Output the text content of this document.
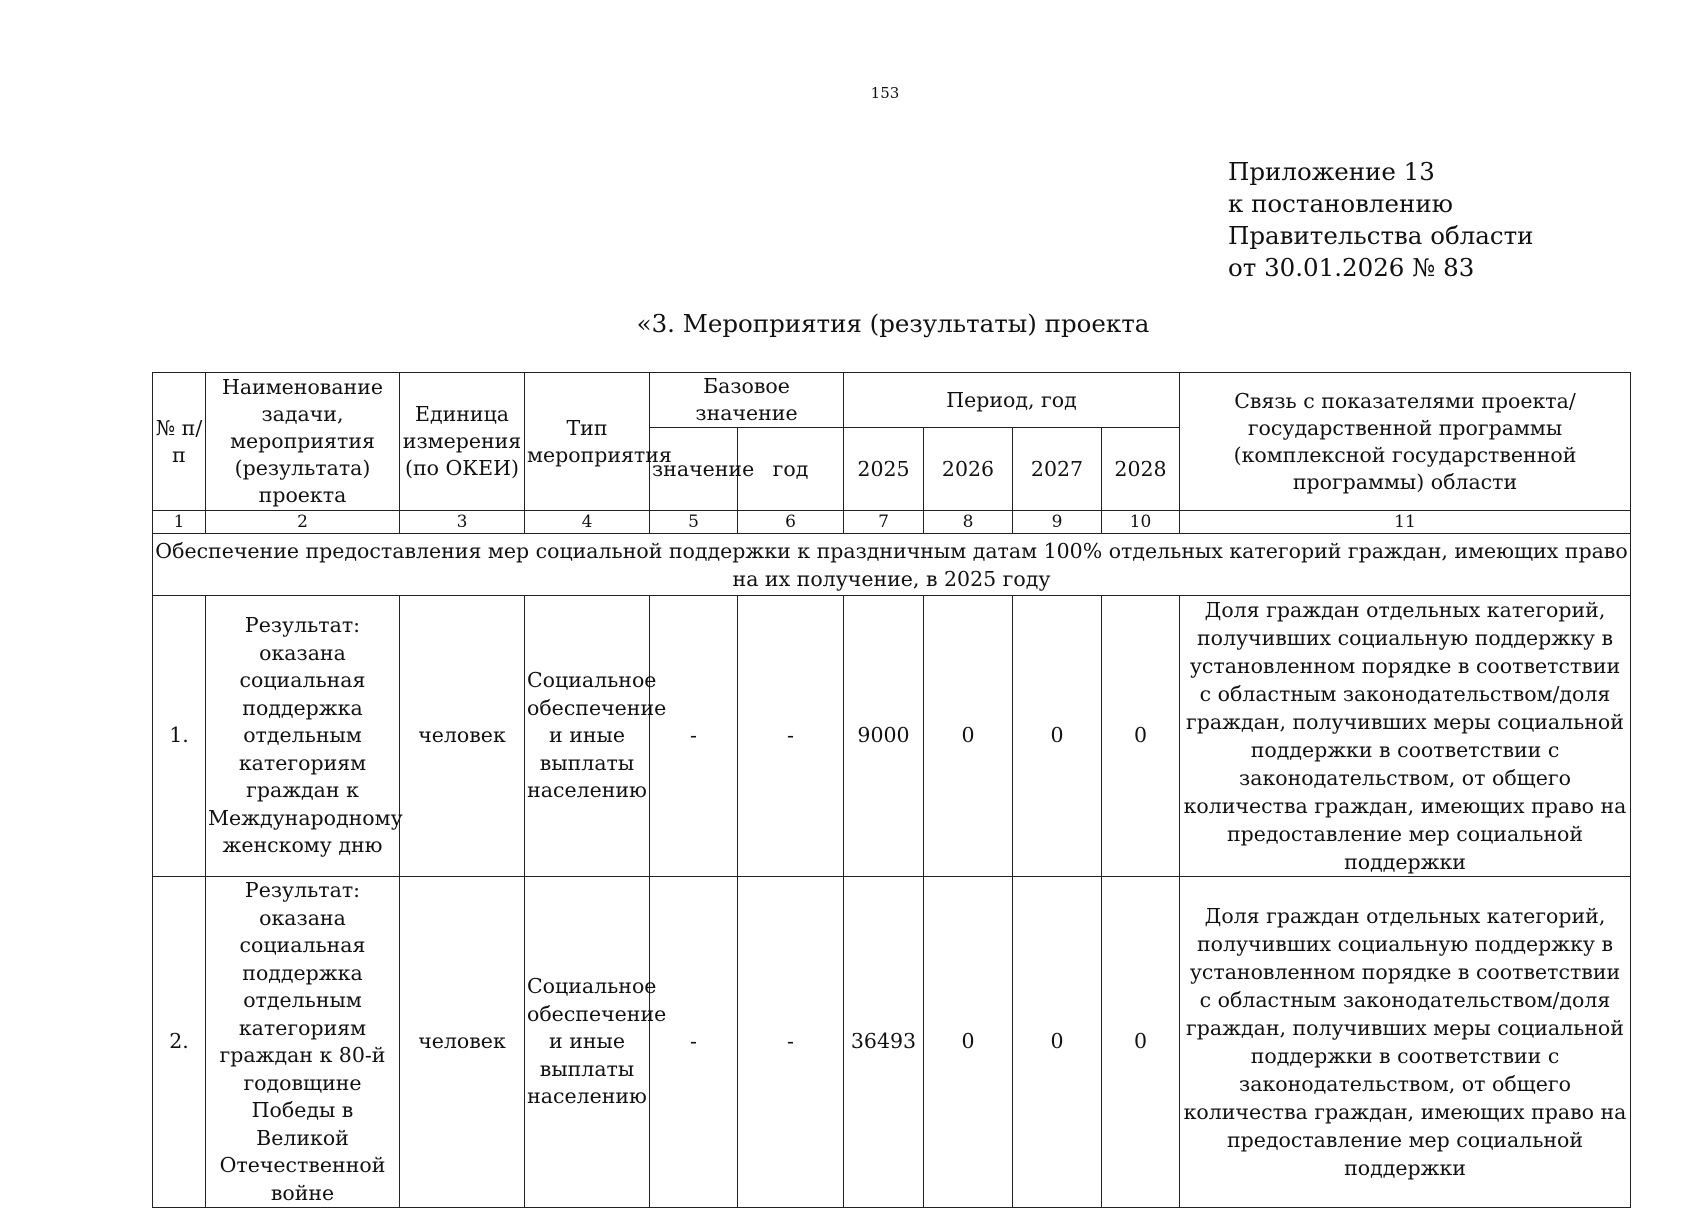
153
Приложение 13
к постановлению
Правительства области
от 30.01.2026 № 83
«3. Мероприятия (результаты) проекта
№ п/п	Наименование задачи, мероприятия (результата) проекта	Единица измерения (по ОКЕИ)	Тип мероприятия	Базовое значение		Период, год				Связь с показателями проекта/государственной программы (комплексной государственной программы) области
				значение	год	2025	2026	2027	2028	
1	2	3	4	5	6	7	8	9	10	11
Обеспечение предоставления мер социальной поддержки к праздничным датам 100% отдельных категорий граждан, имеющих право на их получение, в 2025 году										
1.	Результат: оказана социальная поддержка отдельным категориям граждан к Международному женскому дню	человек	Социальное обеспечение и иные выплаты населению	-	-	9000	0	0	0	Доля граждан отдельных категорий, получивших социальную поддержку в установленном порядке в соответствии с областным законодательством/доля граждан, получивших меры социальной поддержки в соответствии с законодательством, от общего количества граждан, имеющих право на предоставление мер социальной поддержки
2.	Результат: оказана социальная поддержка отдельным категориям граждан к 80-й годовщине Победы в Великой Отечественной войне	человек	Социальное обеспечение и иные выплаты населению	-	-	36493	0	0	0	Доля граждан отдельных категорий, получивших социальную поддержку в установленном порядке в соответствии с областным законодательством/доля граждан, получивших меры социальной поддержки в соответствии с законодательством, от общего количества граждан, имеющих право на предоставление мер социальной поддержки
